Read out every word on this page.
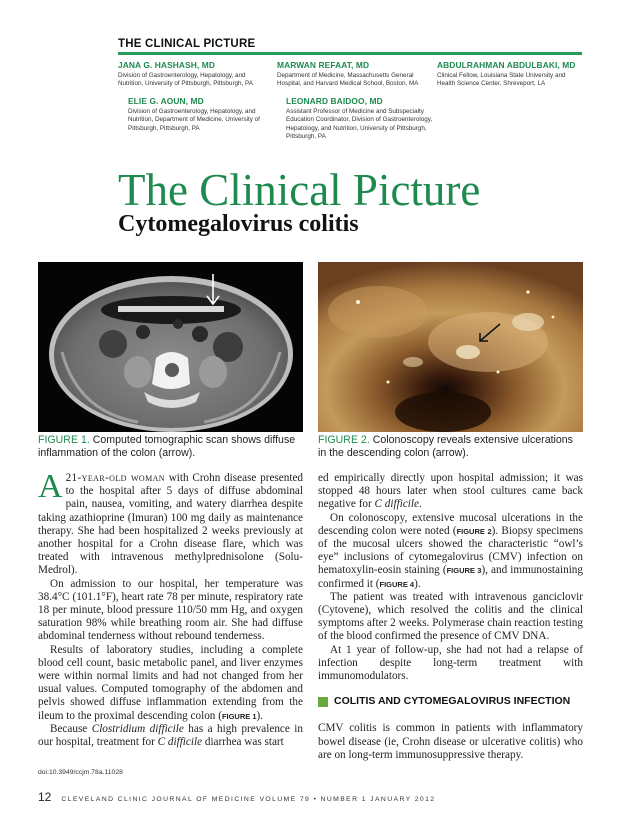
THE CLINICAL PICTURE
JANA G. HASHASH, MD
Division of Gastroenterology, Hepatology, and Nutrition, University of Pittsburgh, Pittsburgh, PA
MARWAN REFAAT, MD
Department of Medicine, Massachusetts General Hospital, and Harvard Medical School, Boston, MA
ABDULRAHMAN ABDULBAKI, MD
Clinical Fellow, Louisiana State University and Health Science Center, Shreveport, LA
ELIE G. AOUN, MD
Division of Gastroenterology, Hepatology, and Nutrition, Department of Medicine, University of Pittsburgh, Pittsburgh, PA
LEONARD BAIDOO, MD
Assistant Professor of Medicine and Subspecialty Education Coordinator, Division of Gastroenterology, Hepatology, and Nutrition, University of Pittsburgh, Pittsburgh, PA
The Clinical Picture
Cytomegalovirus colitis
FIGURE 1. Computed tomographic scan shows diffuse inflammation of the colon (arrow).
FIGURE 2. Colonoscopy reveals extensive ulcerations in the descending colon (arrow).

A 21-year-old woman with Crohn disease presented to the hospital after 5 days of diffuse abdominal pain, nausea, vomiting, and watery diarrhea despite taking azathioprine (Imuran) 100 mg daily as maintenance therapy. She had been hospitalized 2 weeks previously at another hospital for a Crohn disease flare, which was treated with intravenous methylprednisolone (Solu-Medrol).

On admission to our hospital, her temperature was 38.4°C (101.1°F), heart rate 78 per minute, respiratory rate 18 per minute, blood pressure 110/50 mm Hg, and oxygen saturation 98% while breathing room air. She had diffuse abdominal tenderness without rebound tenderness.

Results of laboratory studies, including a complete blood cell count, basic metabolic panel, and liver enzymes were within normal limits and had not changed from her usual values. Computed tomography of the abdomen and pelvis showed diffuse inflammation extending from the ileum to the proximal descending colon (FIGURE 1).

Because Clostridium difficile has a high prevalence in our hospital, treatment for C difficile diarrhea was start

ed empirically directly upon hospital admission; it was stopped 48 hours later when stool cultures came back negative for C difficile.

On colonoscopy, extensive mucosal ulcerations in the descending colon were noted (FIGURE 2). Biopsy specimens of the mucosal ulcers showed the characteristic “owl’s eye” inclusions of cytomegalovirus (CMV) infection on hematoxylin-eosin staining (FIGURE 3), and immunostaining confirmed it (FIGURE 4).

The patient was treated with intravenous ganciclovir (Cytovene), which resolved the colitis and the clinical symptoms after 2 weeks. Polymerase chain reaction testing of the blood confirmed the presence of CMV DNA.

At 1 year of follow-up, she had not had a relapse of infection despite long-term treatment with immunomodulators.

COLITIS AND CYTOMEGALOVIRUS INFECTION

CMV colitis is common in patients with inflammatory bowel disease (ie, Crohn disease or ulcerative colitis) who are on long-term immunosuppressive therapy.

doi:10.3949/ccjm.78a.11028
12 CLEVELAND CLINIC JOURNAL OF MEDICINE VOLUME 79 • NUMBER 1 JANUARY 2012
